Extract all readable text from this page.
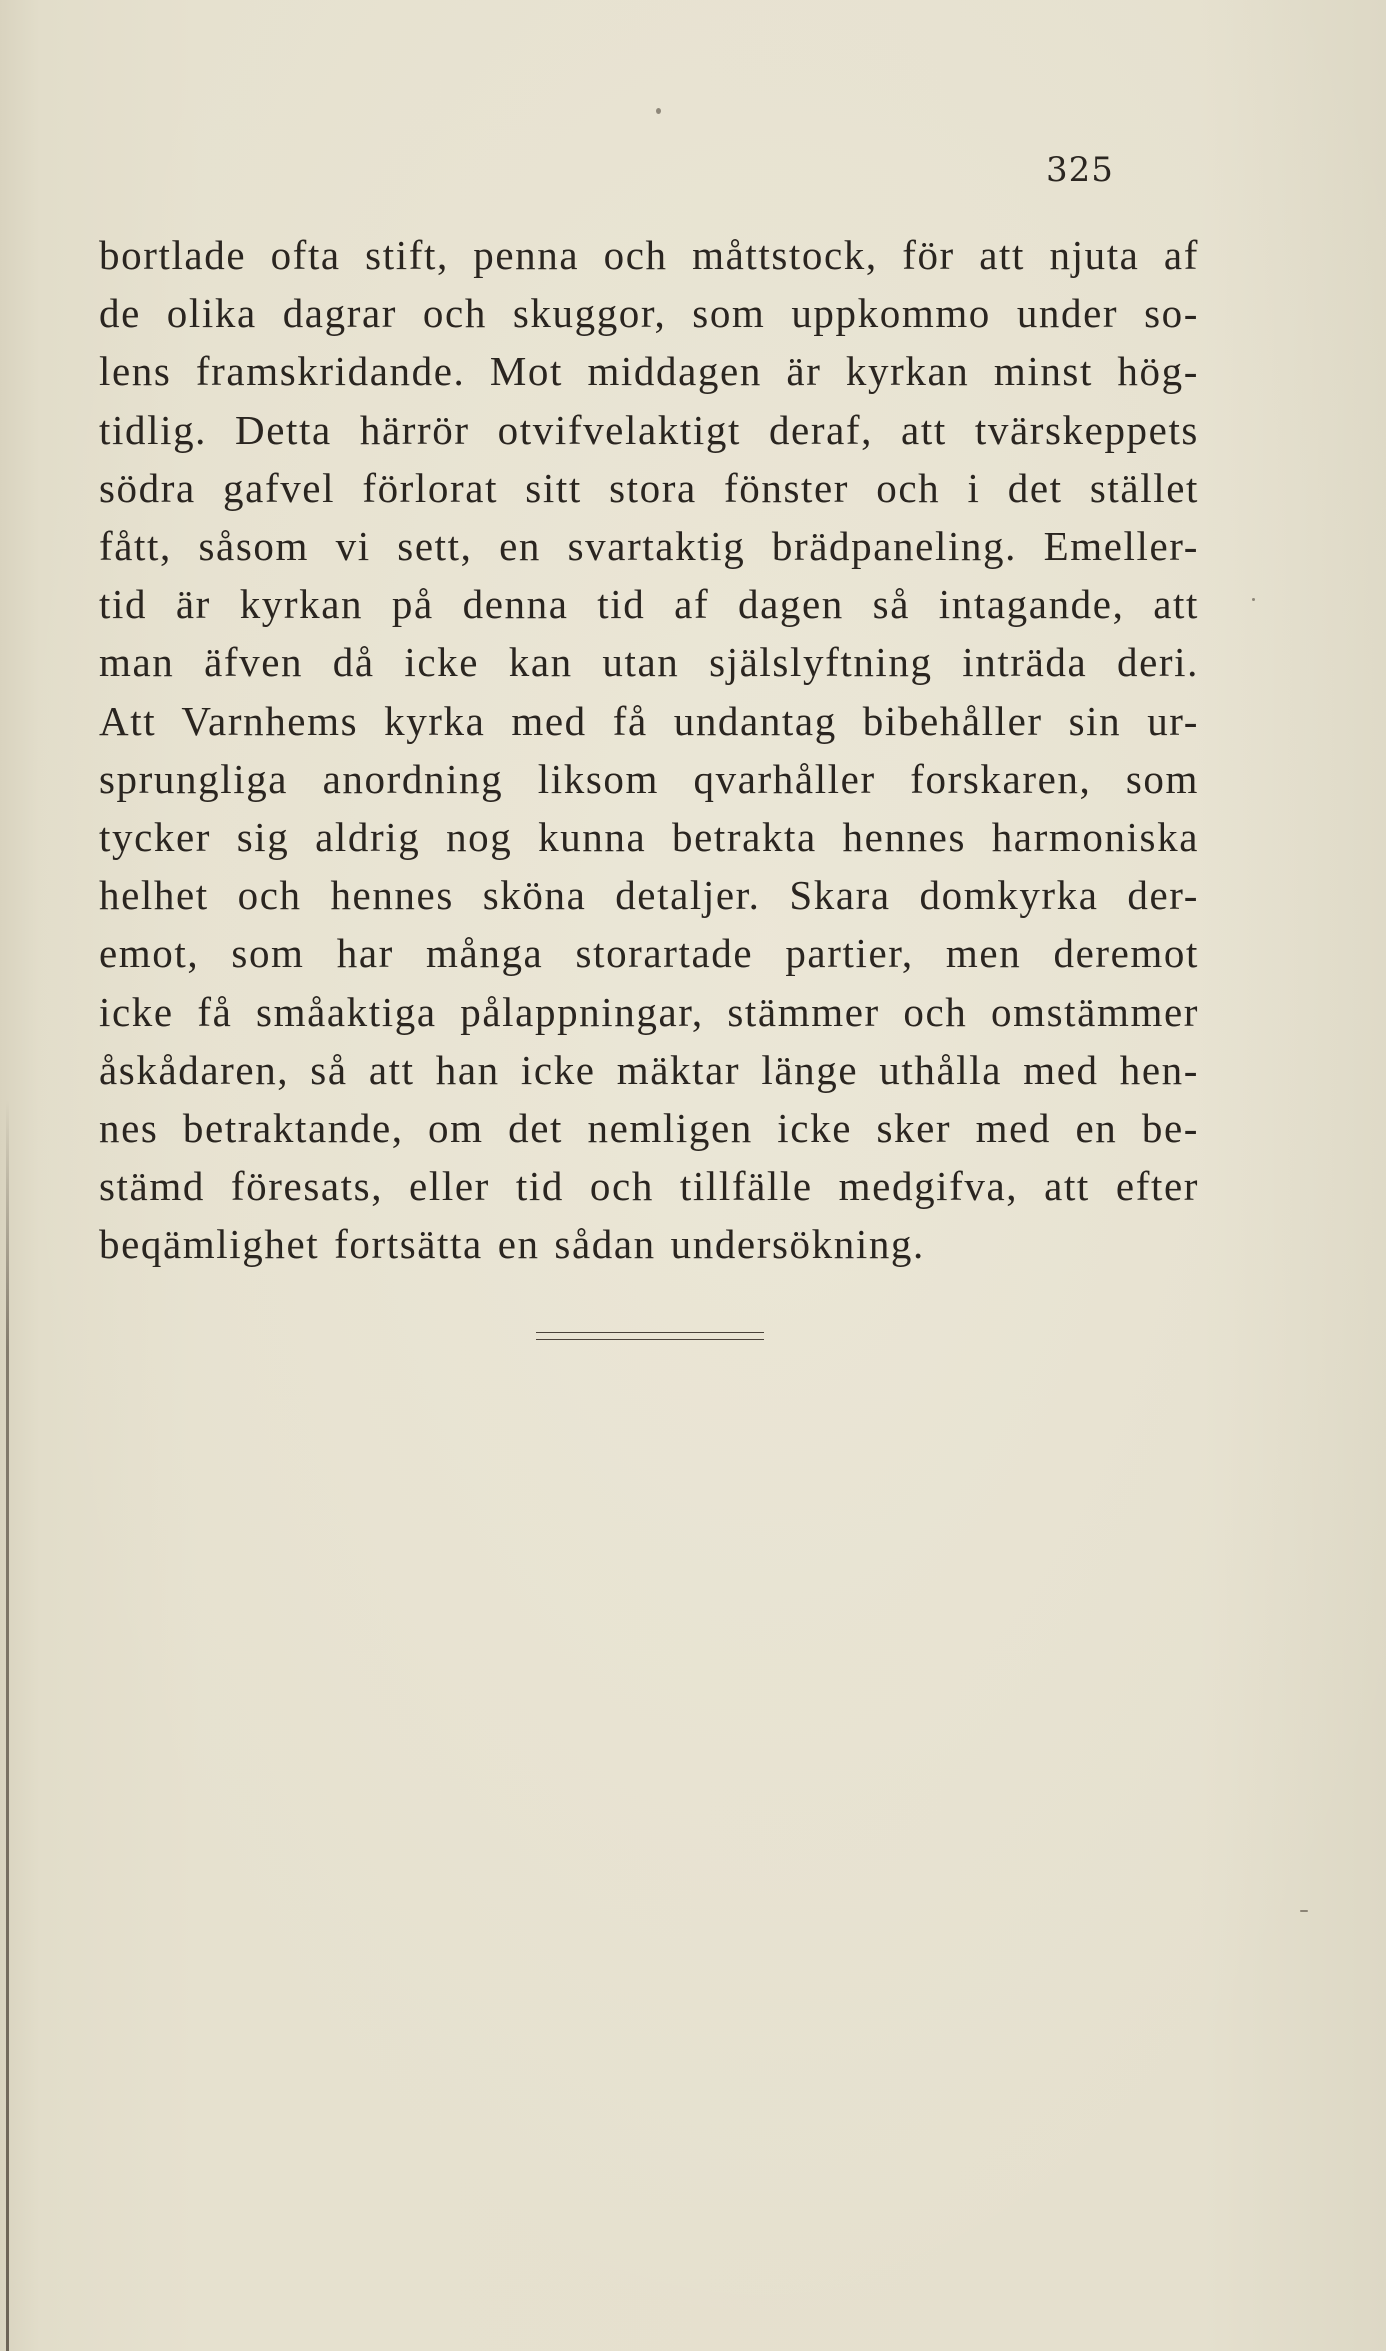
325
bortlade ofta stift, penna och måttstock, för att njuta af
de olika dagrar och skuggor, som uppkommo under so-
lens framskridande. Mot middagen är kyrkan minst hög-
tidlig. Detta härrör otvifvelaktigt deraf, att tvärskeppets
södra gafvel förlorat sitt stora fönster och i det stället
fått, såsom vi sett, en svartaktig brädpaneling. Emeller-
tid är kyrkan på denna tid af dagen så intagande, att
man äfven då icke kan utan själslyftning inträda deri.
Att Varnhems kyrka med få undantag bibehåller sin ur-
sprungliga anordning liksom qvarhåller forskaren, som
tycker sig aldrig nog kunna betrakta hennes harmoniska
helhet och hennes sköna detaljer. Skara domkyrka der-
emot, som har många storartade partier, men deremot
icke få småaktiga pålappningar, stämmer och omstämmer
åskådaren, så att han icke mäktar länge uthålla med hen-
nes betraktande, om det nemligen icke sker med en be-
stämd föresats, eller tid och tillfälle medgifva, att efter
beqämlighet fortsätta en sådan undersökning.
